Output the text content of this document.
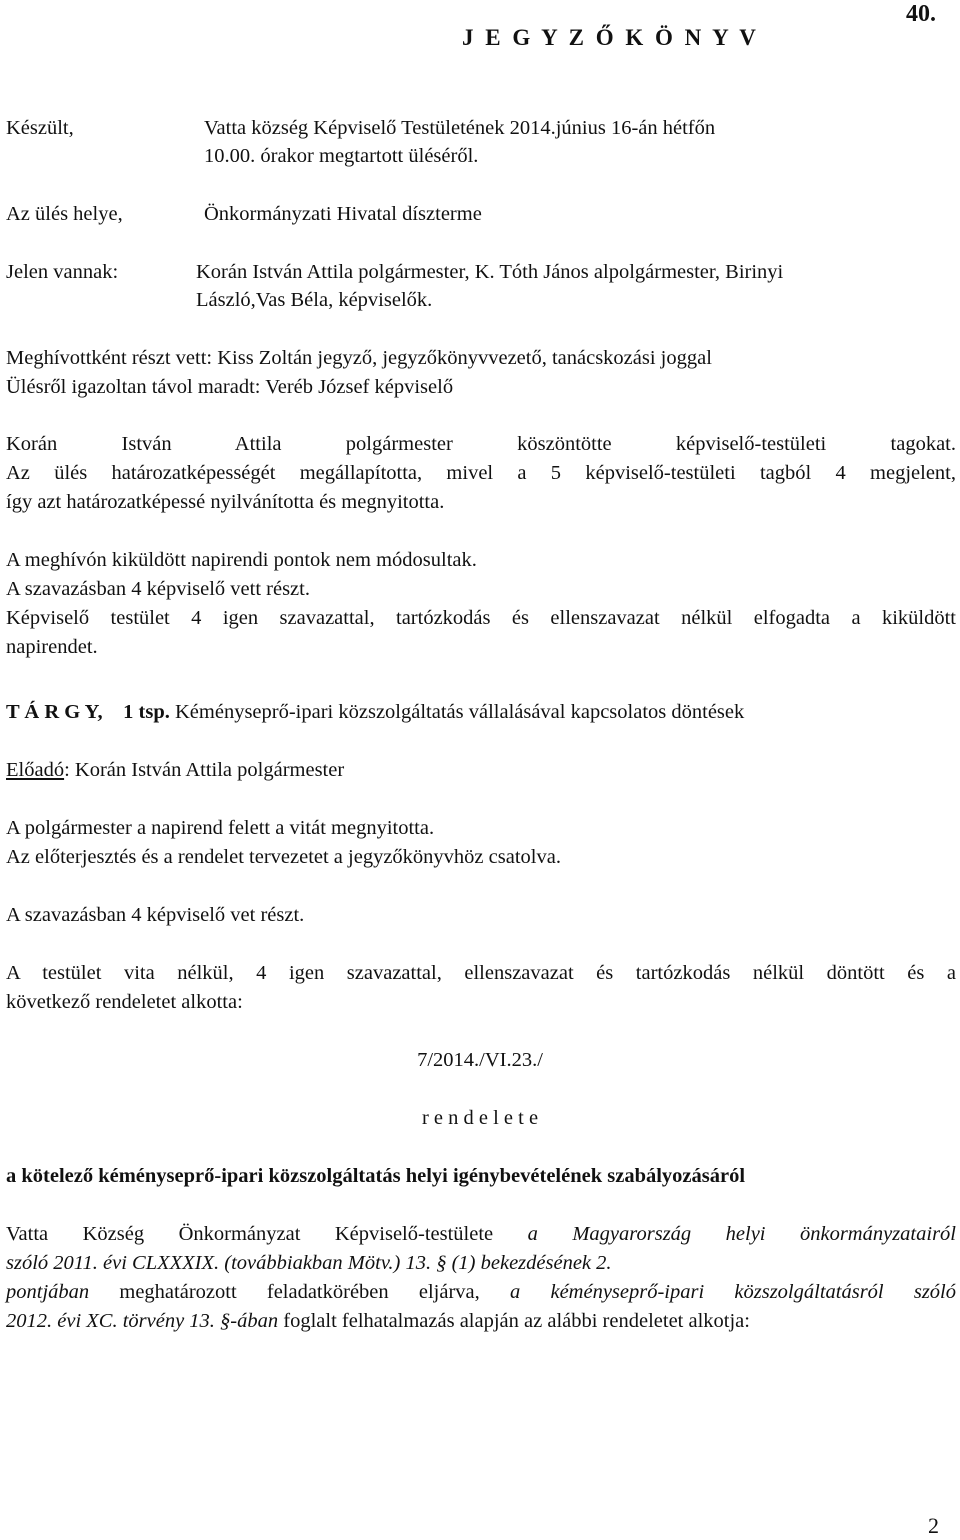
J E G Y Z Ő K Ö N Y V
40.
Készült,	Vatta község Képviselő Testületének 2014.június 16-án hétfőn
10.00. órakor megtartott üléséről.
Az ülés helye,	Önkormányzati Hivatal díszterme
Jelen vannak:	Korán István Attila polgármester, K. Tóth János alpolgármester, Birinyi
László,Vas Béla, képviselők.
Meghívottként részt vett: Kiss Zoltán jegyző, jegyzőkönyvvezető, tanácskozási joggal
Ülésről igazoltan távol maradt: Veréb József képviselő
Korán István Attila polgármester köszöntötte képviselő-testületi tagokat.
Az ülés határozatképességét megállapította, mivel a 5 képviselő-testületi tagból 4 megjelent,
így azt határozatképessé nyilvánította és megnyitotta.
A meghívón kiküldött napirendi pontok nem módosultak.
A szavazásban 4 képviselő vett részt.
Képviselő testület 4 igen szavazattal, tartózkodás és ellenszavazat nélkül elfogadta a kiküldött
napirendet.
T Á R G Y, 1 tsp. Kéményseprő-ipari közszolgáltatás vállalásával kapcsolatos döntések
Előadó: Korán István Attila polgármester
A polgármester a napirend felett a vitát megnyitotta.
Az előterjesztés és a rendelet tervezetet a jegyzőkönyvhöz csatolva.
A szavazásban 4 képviselő vet részt.
A testület vita nélkül, 4 igen szavazattal, ellenszavazat és tartózkodás nélkül döntött és a
következő rendeletet alkotta:
7/2014./VI.23./
r e n d e l e t e
a kötelező kéményseprő-ipari közszolgáltatás helyi igénybevételének szabályozásáról
Vatta Község Önkormányzat Képviselő-testülete a Magyarország helyi önkormányzatairól
szóló 2011. évi CLXXXIX. (továbbiakban Mötv.) 13. § (1) bekezdésének 2.
pontjában meghatározott feladatkörében eljárva, a kéményseprő-ipari közszolgáltatásról szóló
2012. évi XC. törvény 13. §-ában foglalt felhatalmazás alapján az alábbi rendeletet alkotja:
2
